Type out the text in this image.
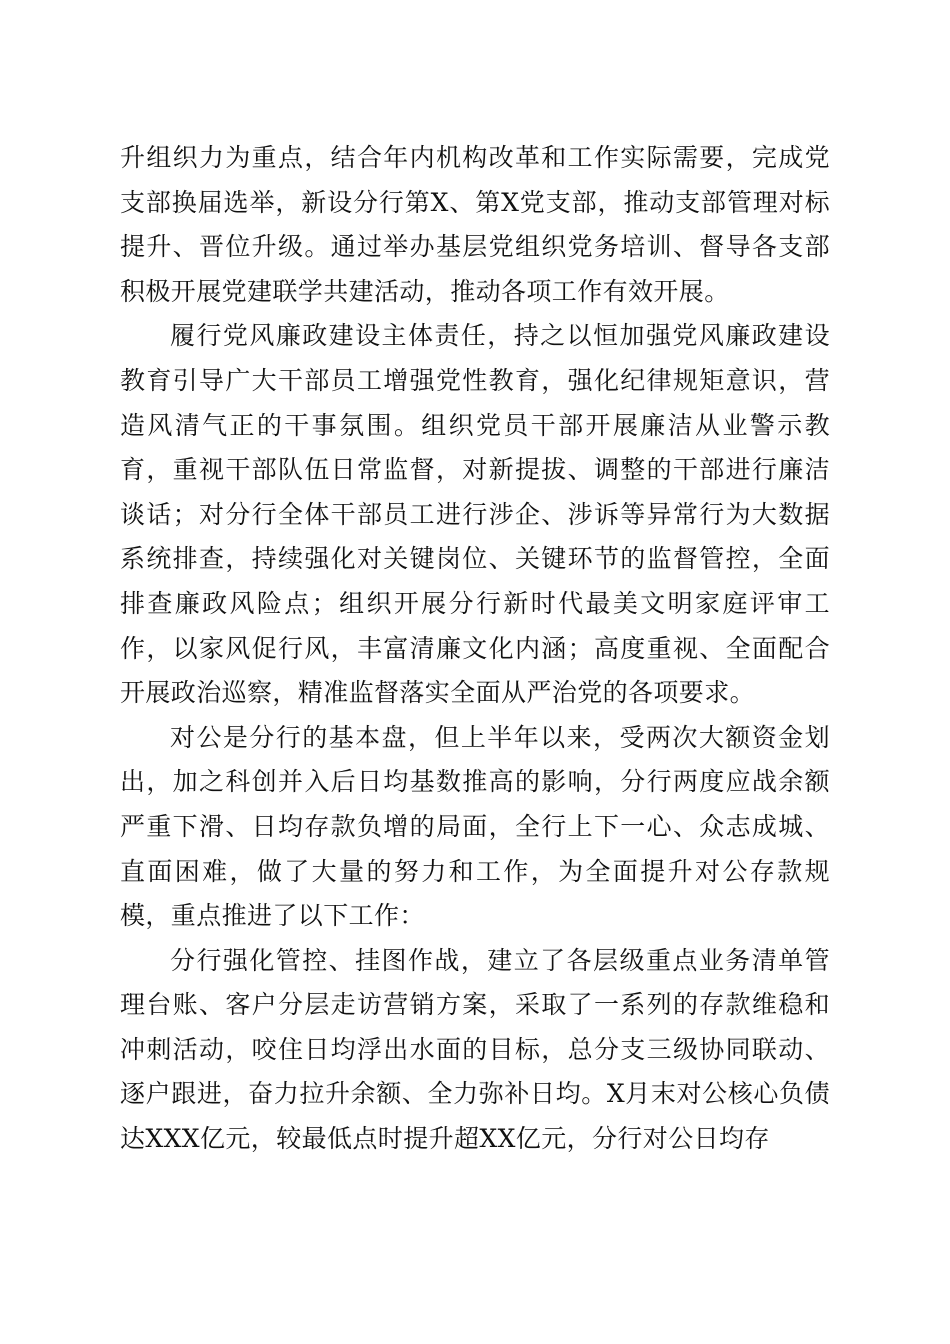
升组织力为重点，结合年内机构改革和工作实际需要，完成党支部换届选举，新设分行第X、第X党支部，推动支部管理对标提升、晋位升级。通过举办基层党组织党务培训、督导各支部积极开展党建联学共建活动，推动各项工作有效开展。

履行党风廉政建设主体责任，持之以恒加强党风廉政建设教育引导广大干部员工增强党性教育，强化纪律规矩意识，营造风清气正的干事氛围。组织党员干部开展廉洁从业警示教育，重视干部队伍日常监督，对新提拔、调整的干部进行廉洁谈话；对分行全体干部员工进行涉企、涉诉等异常行为大数据系统排查，持续强化对关键岗位、关键环节的监督管控，全面排查廉政风险点；组织开展分行新时代最美文明家庭评审工作，以家风促行风，丰富清廉文化内涵；高度重视、全面配合开展政治巡察，精准监督落实全面从严治党的各项要求。

对公是分行的基本盘，但上半年以来，受两次大额资金划出，加之科创并入后日均基数推高的影响，分行两度应战余额严重下滑、日均存款负增的局面，全行上下一心、众志成城、直面困难，做了大量的努力和工作，为全面提升对公存款规模，重点推进了以下工作：

分行强化管控、挂图作战，建立了各层级重点业务清单管理台账、客户分层走访营销方案，采取了一系列的存款维稳和冲刺活动，咬住日均浮出水面的目标，总分支三级协同联动、逐户跟进，奋力拉升余额、全力弥补日均。X月末对公核心负债达XXX亿元，较最低点时提升超XX亿元，分行对公日均存
